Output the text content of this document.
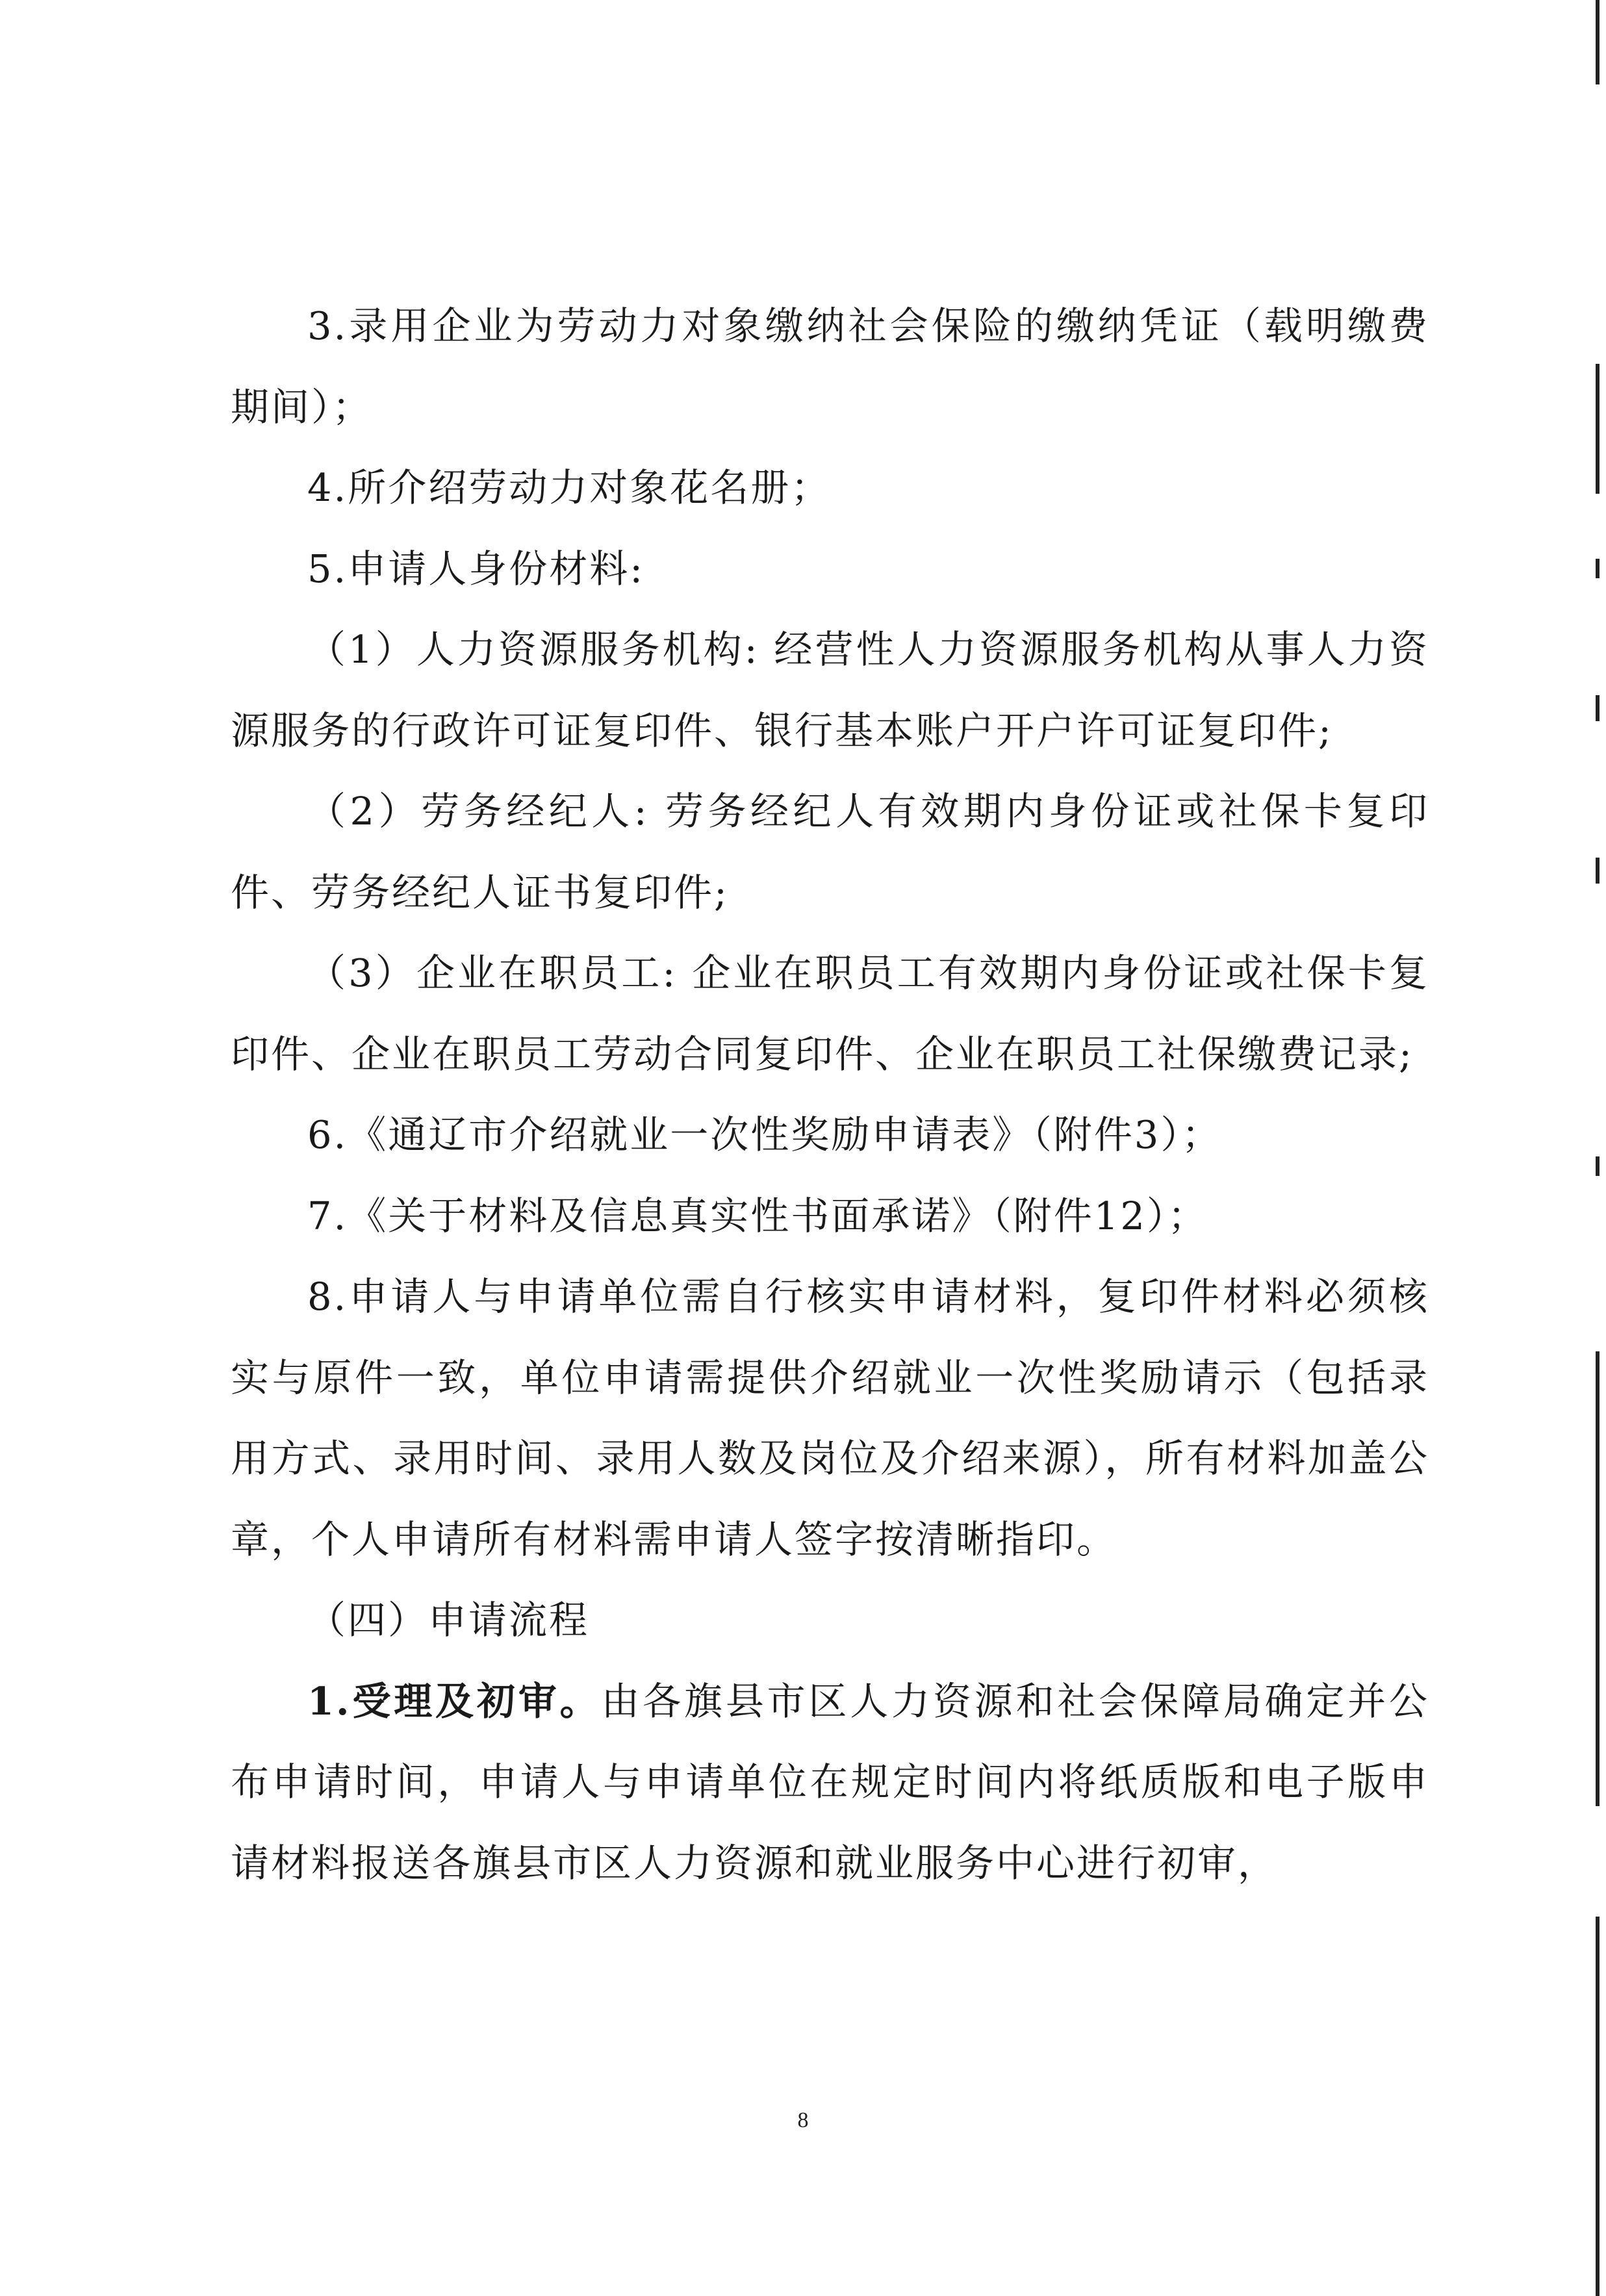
3.录用企业为劳动力对象缴纳社会保险的缴纳凭证（载明缴费期间）；

4.所介绍劳动力对象花名册；

5.申请人身份材料:

（1）人力资源服务机构: 经营性人力资源服务机构从事人力资源服务的行政许可证复印件、银行基本账户开户许可证复印件;

（2）劳务经纪人: 劳务经纪人有效期内身份证或社保卡复印件、劳务经纪人证书复印件;

（3）企业在职员工: 企业在职员工有效期内身份证或社保卡复印件、企业在职员工劳动合同复印件、企业在职员工社保缴费记录;

6.《通辽市介绍就业一次性奖励申请表》（附件3）；

7.《关于材料及信息真实性书面承诺》（附件12）；

8.申请人与申请单位需自行核实申请材料，复印件材料必须核实与原件一致，单位申请需提供介绍就业一次性奖励请示（包括录用方式、录用时间、录用人数及岗位及介绍来源），所有材料加盖公章，个人申请所有材料需申请人签字按清晰指印。

（四）申请流程

1.受理及初审。由各旗县市区人力资源和社会保障局确定并公布申请时间，申请人与申请单位在规定时间内将纸质版和电子版申请材料报送各旗县市区人力资源和就业服务中心进行初审，

8
